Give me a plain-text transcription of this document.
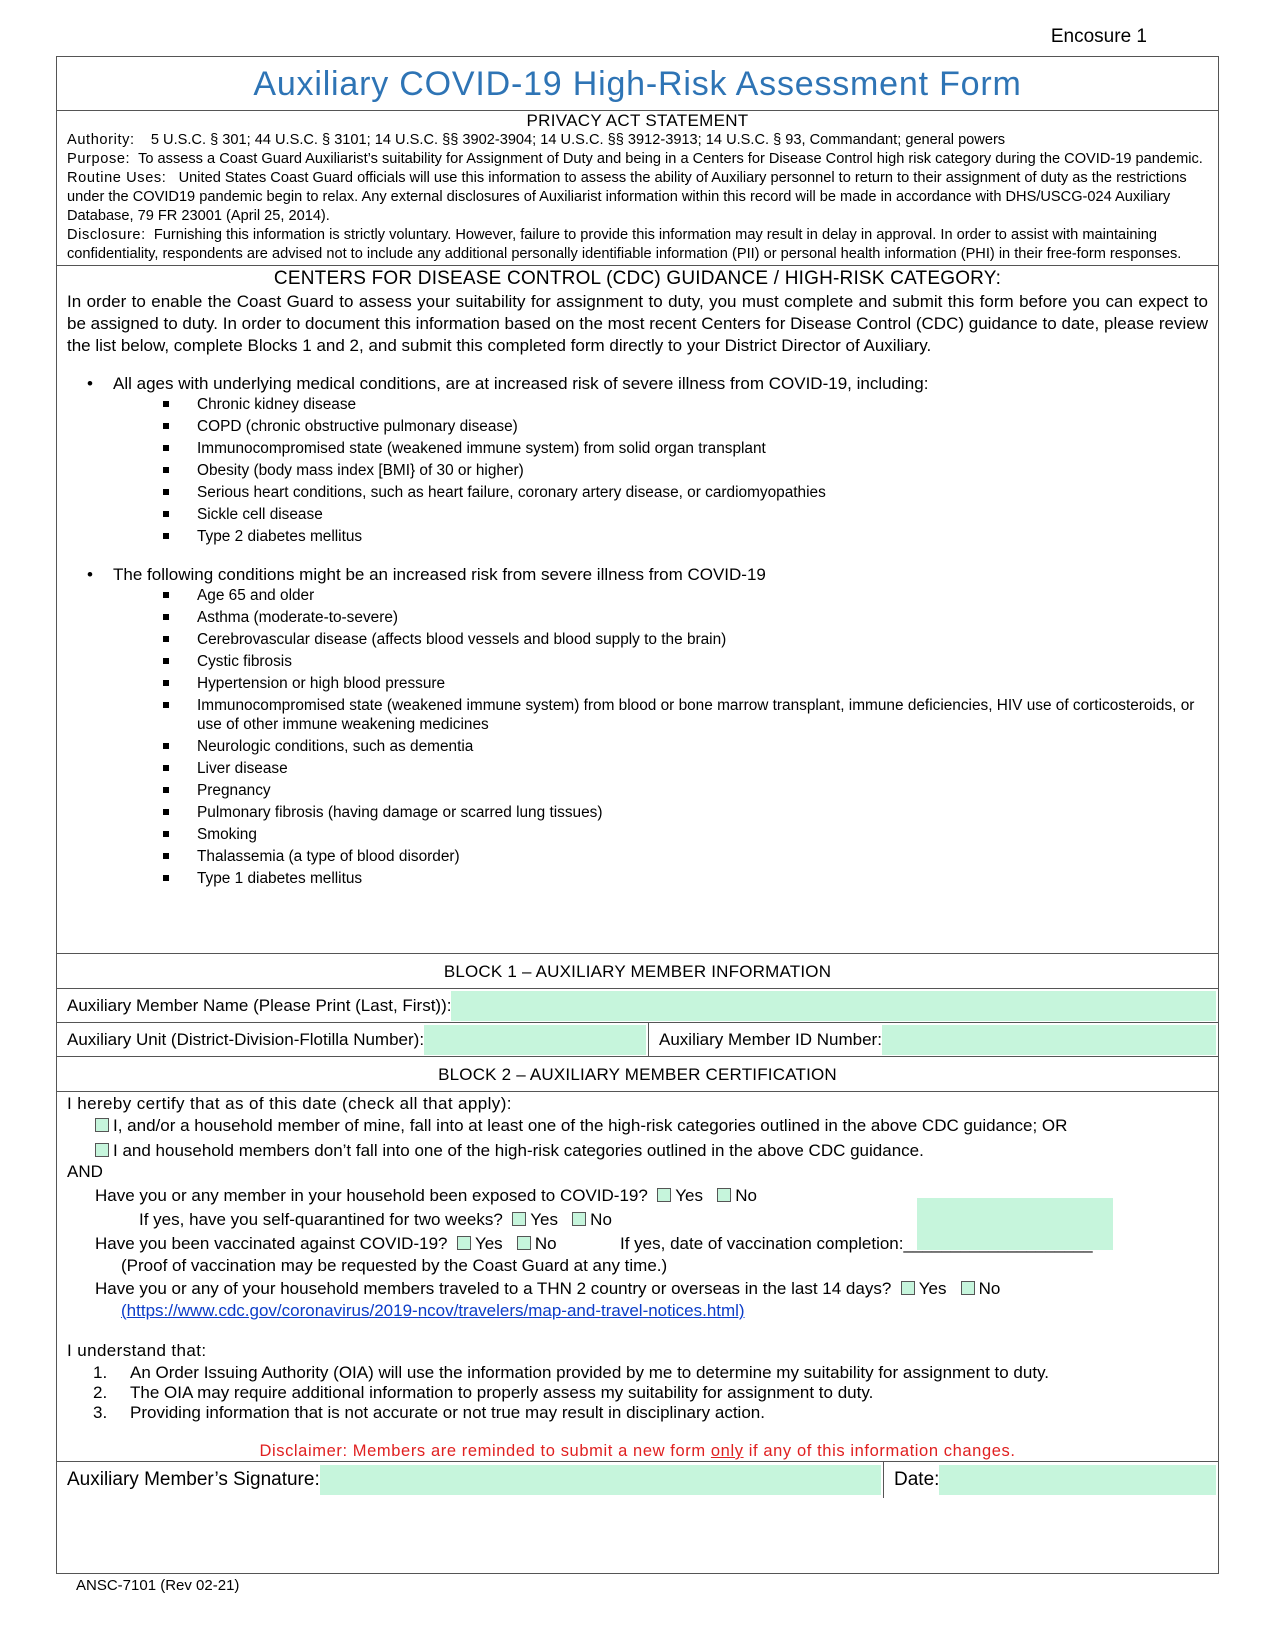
Encosure 1
Auxiliary COVID-19 High-Risk Assessment Form
PRIVACY ACT STATEMENT
Authority: 5 U.S.C. § 301; 44 U.S.C. § 3101; 14 U.S.C. §§ 3902-3904; 14 U.S.C. §§ 3912-3913; 14 U.S.C. § 93, Commandant; general powers
Purpose: To assess a Coast Guard Auxiliarist’s suitability for Assignment of Duty and being in a Centers for Disease Control high risk category during the COVID-19 pandemic.
Routine Uses: United States Coast Guard officials will use this information to assess the ability of Auxiliary personnel to return to their assignment of duty as the restrictions under the COVID19 pandemic begin to relax. Any external disclosures of Auxiliarist information within this record will be made in accordance with DHS/USCG-024 Auxiliary Database, 79 FR 23001 (April 25, 2014).
Disclosure: Furnishing this information is strictly voluntary. However, failure to provide this information may result in delay in approval. In order to assist with maintaining confidentiality, respondents are advised not to include any additional personally identifiable information (PII) or personal health information (PHI) in their free-form responses.
CENTERS FOR DISEASE CONTROL (CDC) GUIDANCE / HIGH-RISK CATEGORY:
In order to enable the Coast Guard to assess your suitability for assignment to duty, you must complete and submit this form before you can expect to be assigned to duty. In order to document this information based on the most recent Centers for Disease Control (CDC) guidance to date, please review the list below, complete Blocks 1 and 2, and submit this completed form directly to your District Director of Auxiliary.
• All ages with underlying medical conditions, are at increased risk of severe illness from COVID-19, including:
Chronic kidney disease
COPD (chronic obstructive pulmonary disease)
Immunocompromised state (weakened immune system) from solid organ transplant
Obesity (body mass index [BMI} of 30 or higher)
Serious heart conditions, such as heart failure, coronary artery disease, or cardiomyopathies
Sickle cell disease
Type 2 diabetes mellitus
• The following conditions might be an increased risk from severe illness from COVID-19
Age 65 and older
Asthma (moderate-to-severe)
Cerebrovascular disease (affects blood vessels and blood supply to the brain)
Cystic fibrosis
Hypertension or high blood pressure
Immunocompromised state (weakened immune system) from blood or bone marrow transplant, immune deficiencies, HIV use of corticosteroids, or use of other immune weakening medicines
Neurologic conditions, such as dementia
Liver disease
Pregnancy
Pulmonary fibrosis (having damage or scarred lung tissues)
Smoking
Thalassemia (a type of blood disorder)
Type 1 diabetes mellitus
BLOCK 1 – AUXILIARY MEMBER INFORMATION
Auxiliary Member Name (Please Print (Last, First)):
Auxiliary Unit (District-Division-Flotilla Number):	Auxiliary Member ID Number:
BLOCK 2 – AUXILIARY MEMBER CERTIFICATION
I hereby certify that as of this date (check all that apply):
I, and/or a household member of mine, fall into at least one of the high-risk categories outlined in the above CDC guidance; OR
I and household members don’t fall into one of the high-risk categories outlined in the above CDC guidance.
AND
Have you or any member in your household been exposed to COVID-19? Yes No
If yes, have you self-quarantined for two weeks? Yes No
Have you been vaccinated against COVID-19? Yes No	If yes, date of vaccination completion:____________________
(Proof of vaccination may be requested by the Coast Guard at any time.)
Have you or any of your household members traveled to a THN 2 country or overseas in the last 14 days? Yes No
(https://www.cdc.gov/coronavirus/2019-ncov/travelers/map-and-travel-notices.html)
I understand that:
1. An Order Issuing Authority (OIA) will use the information provided by me to determine my suitability for assignment to duty.
2. The OIA may require additional information to properly assess my suitability for assignment to duty.
3. Providing information that is not accurate or not true may result in disciplinary action.
Disclaimer: Members are reminded to submit a new form only if any of this information changes.
Auxiliary Member’s Signature:	Date:
ANSC-7101 (Rev 02-21)
